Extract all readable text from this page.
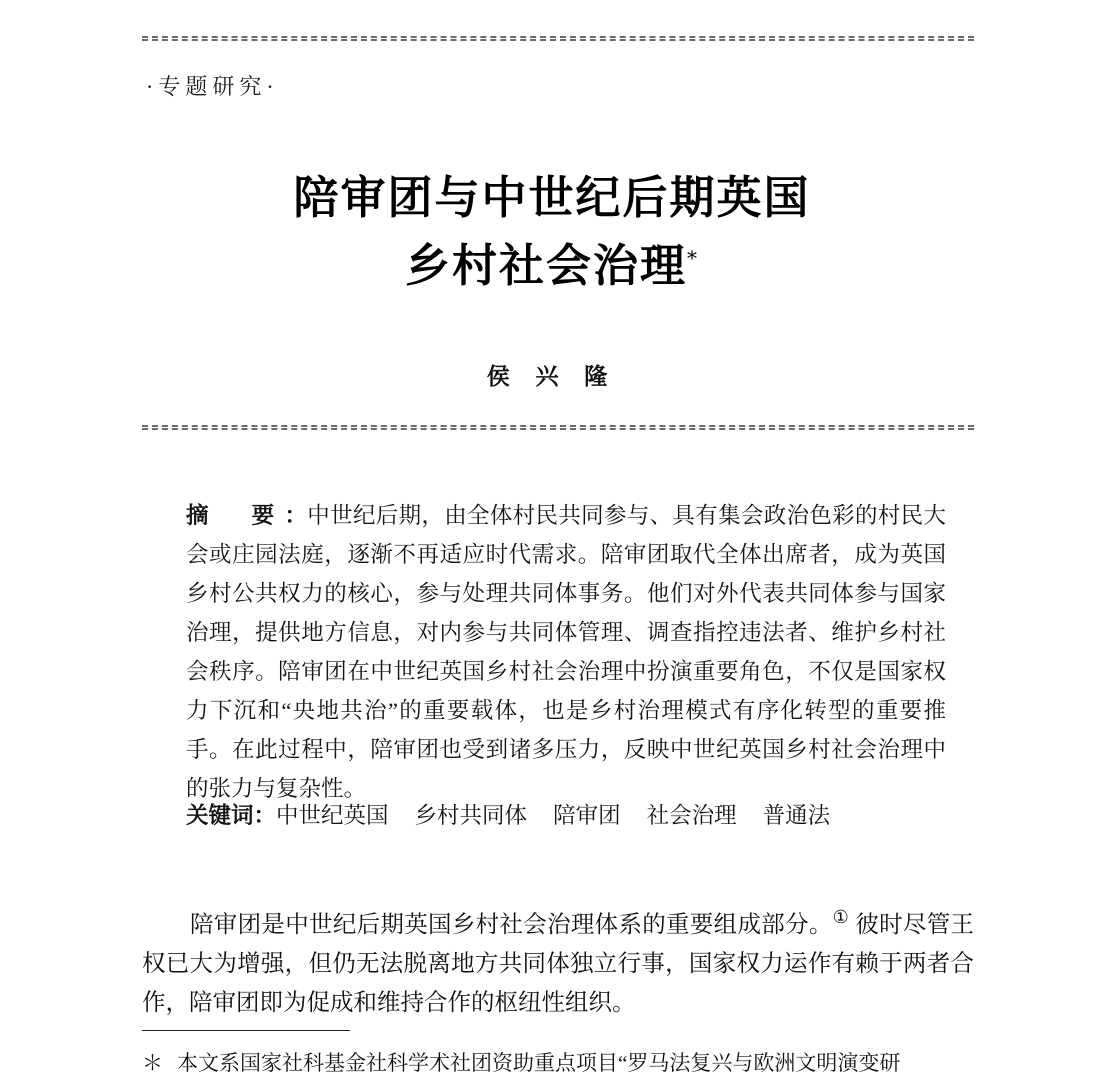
·专题研究·
陪审团与中世纪后期英国
乡村社会治理*
侯 兴 隆
摘　要：中世纪后期，由全体村民共同参与、具有集会政治色彩的村民大会或庄园法庭，逐渐不再适应时代需求。陪审团取代全体出席者，成为英国乡村公共权力的核心，参与处理共同体事务。他们对外代表共同体参与国家治理，提供地方信息，对内参与共同体管理、调查指控违法者、维护乡村社会秩序。陪审团在中世纪英国乡村社会治理中扮演重要角色，不仅是国家权力下沉和“央地共治”的重要载体，也是乡村治理模式有序化转型的重要推手。在此过程中，陪审团也受到诸多压力，反映中世纪英国乡村社会治理中的张力与复杂性。
关键词：中世纪英国 乡村共同体 陪审团 社会治理 普通法
陪审团是中世纪后期英国乡村社会治理体系的重要组成部分。① 彼时尽管王权已大为增强，但仍无法脱离地方共同体独立行事，国家权力运作有赖于两者合作，陪审团即为促成和维持合作的枢纽性组织。
＊ 本文系国家社科基金社科学术社团资助重点项目“罗马法复兴与欧洲文明演变研
